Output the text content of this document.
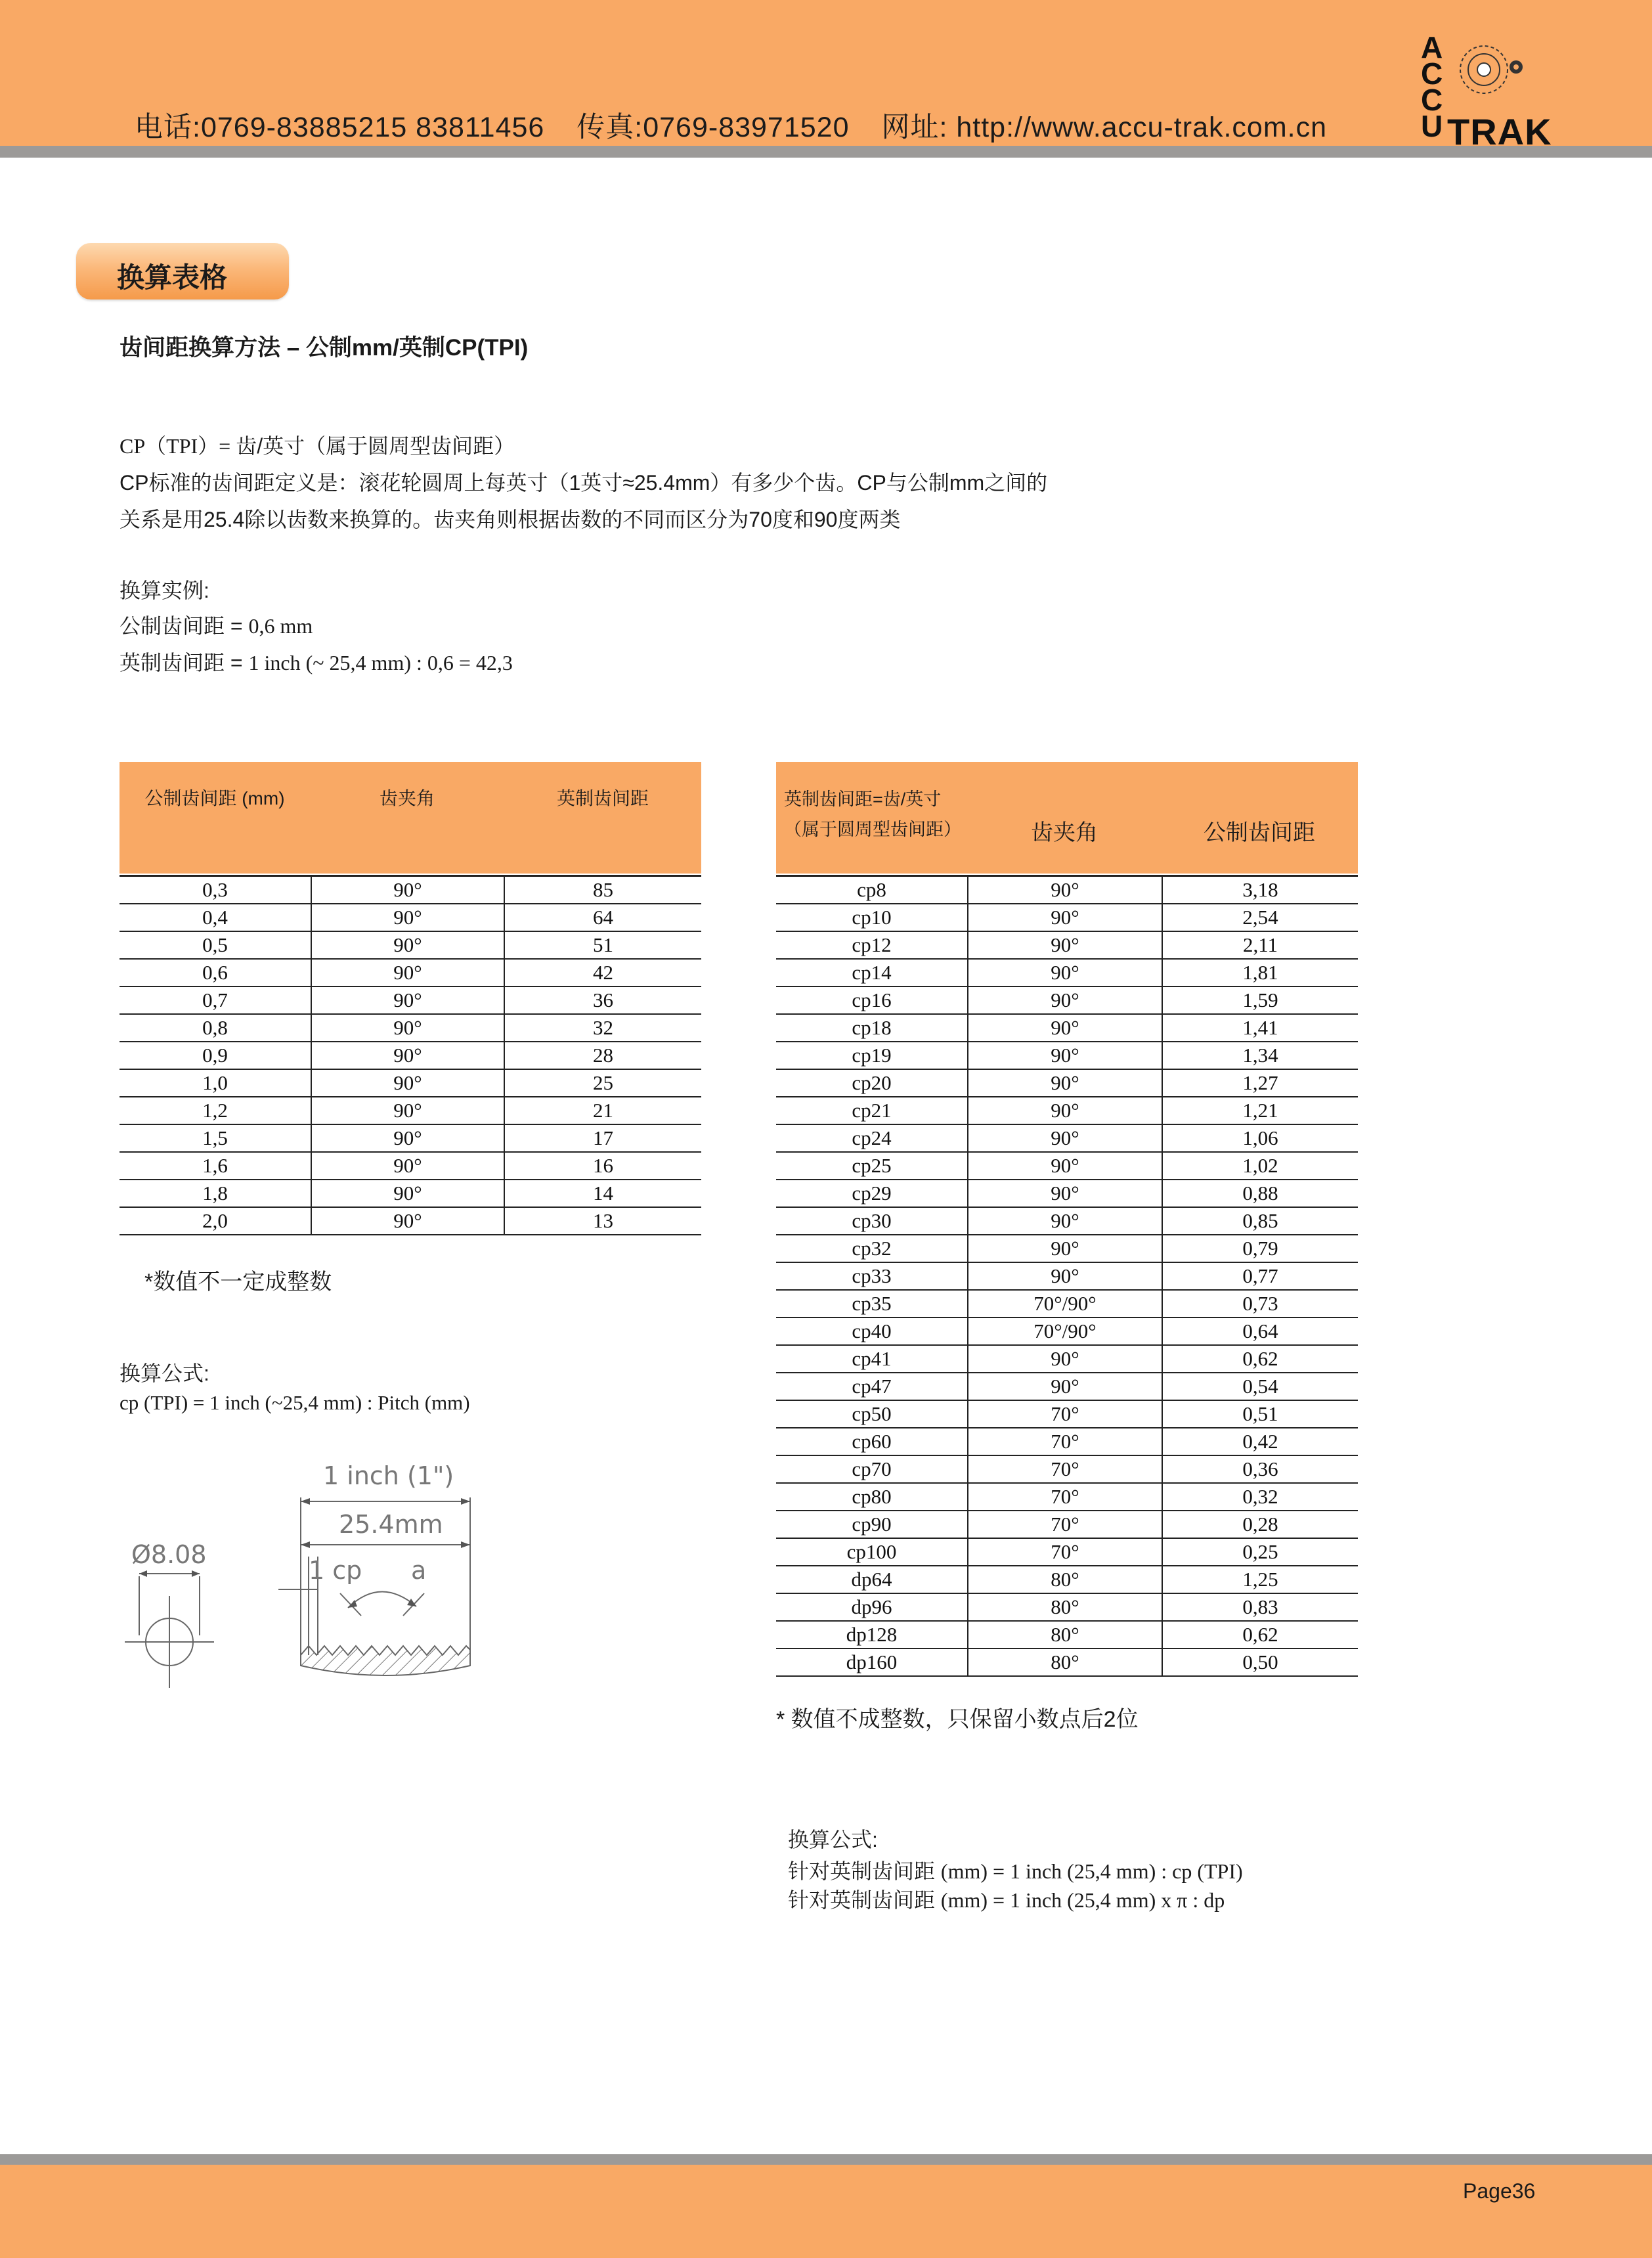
电话:0769-83885215 83811456 传真:0769-83971520 网址: http://www.accu-trak.com.cn
A
C
C
U TRAK
换算表格
齿间距换算方法 – 公制mm/英制CP(TPI)
CP（TPI）= 齿/英寸（属于圆周型齿间距）
CP标准的齿间距定义是：滚花轮圆周上每英寸（1英寸≈25.4mm）有多少个齿。CP与公制mm之间的
关系是用25.4除以齿数来换算的。齿夹角则根据齿数的不同而区分为70度和90度两类
换算实例:
公制齿间距 = 0,6 mm
英制齿间距 = 1 inch (~ 25,4 mm) : 0,6 = 42,3
公制齿间距 (mm)	齿夹角	英制齿间距
0,3	90°	85
0,4	90°	64
0,5	90°	51
0,6	90°	42
0,7	90°	36
0,8	90°	32
0,9	90°	28
1,0	90°	25
1,2	90°	21
1,5	90°	17
1,6	90°	16
1,8	90°	14
2,0	90°	13
*数值不一定成整数
换算公式:
cp (TPI) = 1 inch (~25,4 mm) : Pitch (mm)
Ø8.08
1 inch (1")
25.4mm
1 cp a
英制齿间距=齿/英寸
（属于圆周型齿间距）	齿夹角	公制齿间距
cp8	90°	3,18
cp10	90°	2,54
cp12	90°	2,11
cp14	90°	1,81
cp16	90°	1,59
cp18	90°	1,41
cp19	90°	1,34
cp20	90°	1,27
cp21	90°	1,21
cp24	90°	1,06
cp25	90°	1,02
cp29	90°	0,88
cp30	90°	0,85
cp32	90°	0,79
cp33	90°	0,77
cp35	70°/90°	0,73
cp40	70°/90°	0,64
cp41	90°	0,62
cp47	90°	0,54
cp50	70°	0,51
cp60	70°	0,42
cp70	70°	0,36
cp80	70°	0,32
cp90	70°	0,28
cp100	70°	0,25
dp64	80°	1,25
dp96	80°	0,83
dp128	80°	0,62
dp160	80°	0,50
* 数值不成整数，只保留小数点后2位
换算公式:
针对英制齿间距 (mm) = 1 inch (25,4 mm) : cp (TPI)
针对英制齿间距 (mm) = 1 inch (25,4 mm) x π : dp
Page36
